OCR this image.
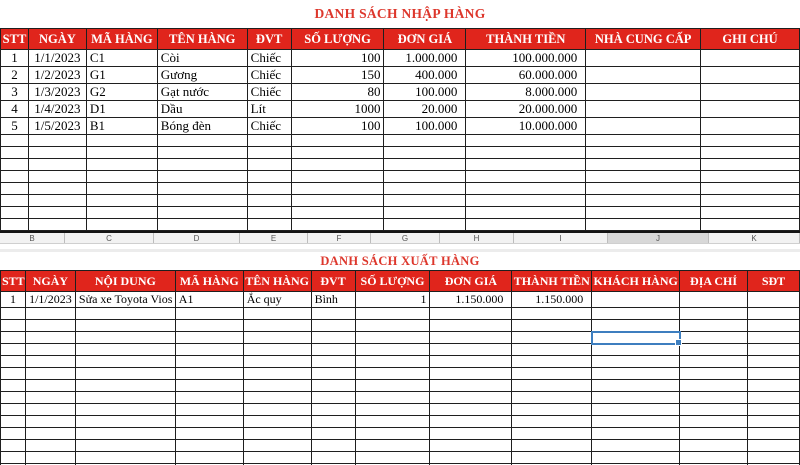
DANH SÁCH NHẬP HÀNG
STT	NGÀY	MÃ HÀNG	TÊN HÀNG	ĐVT	SỐ LƯỢNG	ĐƠN GIÁ	THÀNH TIỀN	NHÀ CUNG CẤP	GHI CHÚ
1	1/1/2023	C1	Còi	Chiếc	100	1.000.000	100.000.000		
2	1/2/2023	G1	Gương	Chiếc	150	400.000	60.000.000		
3	1/3/2023	G2	Gạt nước	Chiếc	80	100.000	8.000.000		
4	1/4/2023	D1	Dầu	Lít	1000	20.000	20.000.000		
5	1/5/2023	B1	Bóng đèn	Chiếc	100	100.000	10.000.000		

B	C	D	E	F	G	H	I	J	K
DANH SÁCH XUẤT HÀNG
STT	NGÀY	NỘI DUNG	MÃ HÀNG	TÊN HÀNG	ĐVT	SỐ LƯỢNG	ĐƠN GIÁ	THÀNH TIỀN	KHÁCH HÀNG	ĐỊA CHỈ	SĐT
1	1/1/2023	Sửa xe Toyota Vios	A1	Ắc quy	Bình	1	1.150.000	1.150.000			
